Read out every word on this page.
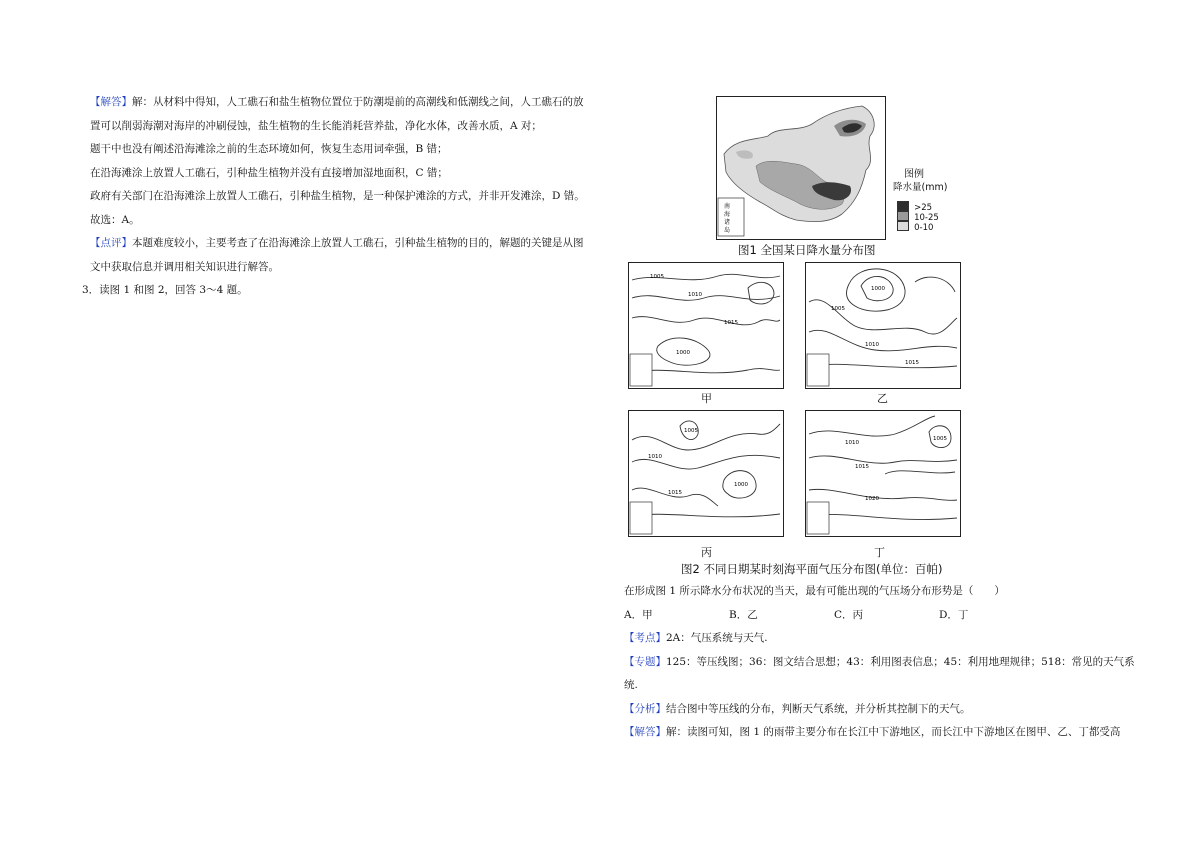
【解答】解：从材料中得知，人工礁石和盐生植物位置位于防潮堤前的高潮线和低潮线之间，人工礁石的放
置可以削弱海潮对海岸的冲刷侵蚀，盐生植物的生长能消耗营养盐，净化水体，改善水质，A 对；
题干中也没有阐述沿海滩涂之前的生态环境如何，恢复生态用词牵强，B 错；
在沿海滩涂上放置人工礁石，引种盐生植物并没有直接增加湿地面积，C 错；
政府有关部门在沿海滩涂上放置人工礁石，引种盐生植物，是一种保护滩涂的方式，并非开发滩涂，D 错。
故选：A。
【点评】本题难度较小，主要考查了在沿海滩涂上放置人工礁石，引种盐生植物的目的，解题的关键是从图
文中获取信息并调用相关知识进行解答。
3．读图 1 和图 2，回答 3～4 题。
南
海
诸
岛
图例
降水量(mm)
>25
10-25
0-10
图1 全国某日降水量分布图
1005
1010
1015
1000
1000
1005
1010
1015
甲	乙
1005
1010
1015
1000
1010
1015
1020
1005
丙	丁
图2 不同日期某时刻海平面气压分布图(单位：百帕)
在形成图 1 所示降水分布状况的当天，最有可能出现的气压场分布形势是（　　）
A．甲	B．乙	C．丙	D．丁
【考点】2A：气压系统与天气.
【专题】125：等压线图；36：图文结合思想；43：利用图表信息；45：利用地理规律；518：常见的天气系
统.
【分析】结合图中等压线的分布，判断天气系统，并分析其控制下的天气。
【解答】解：读图可知，图 1 的雨带主要分布在长江中下游地区，而长江中下游地区在图甲、乙、丁都受高
